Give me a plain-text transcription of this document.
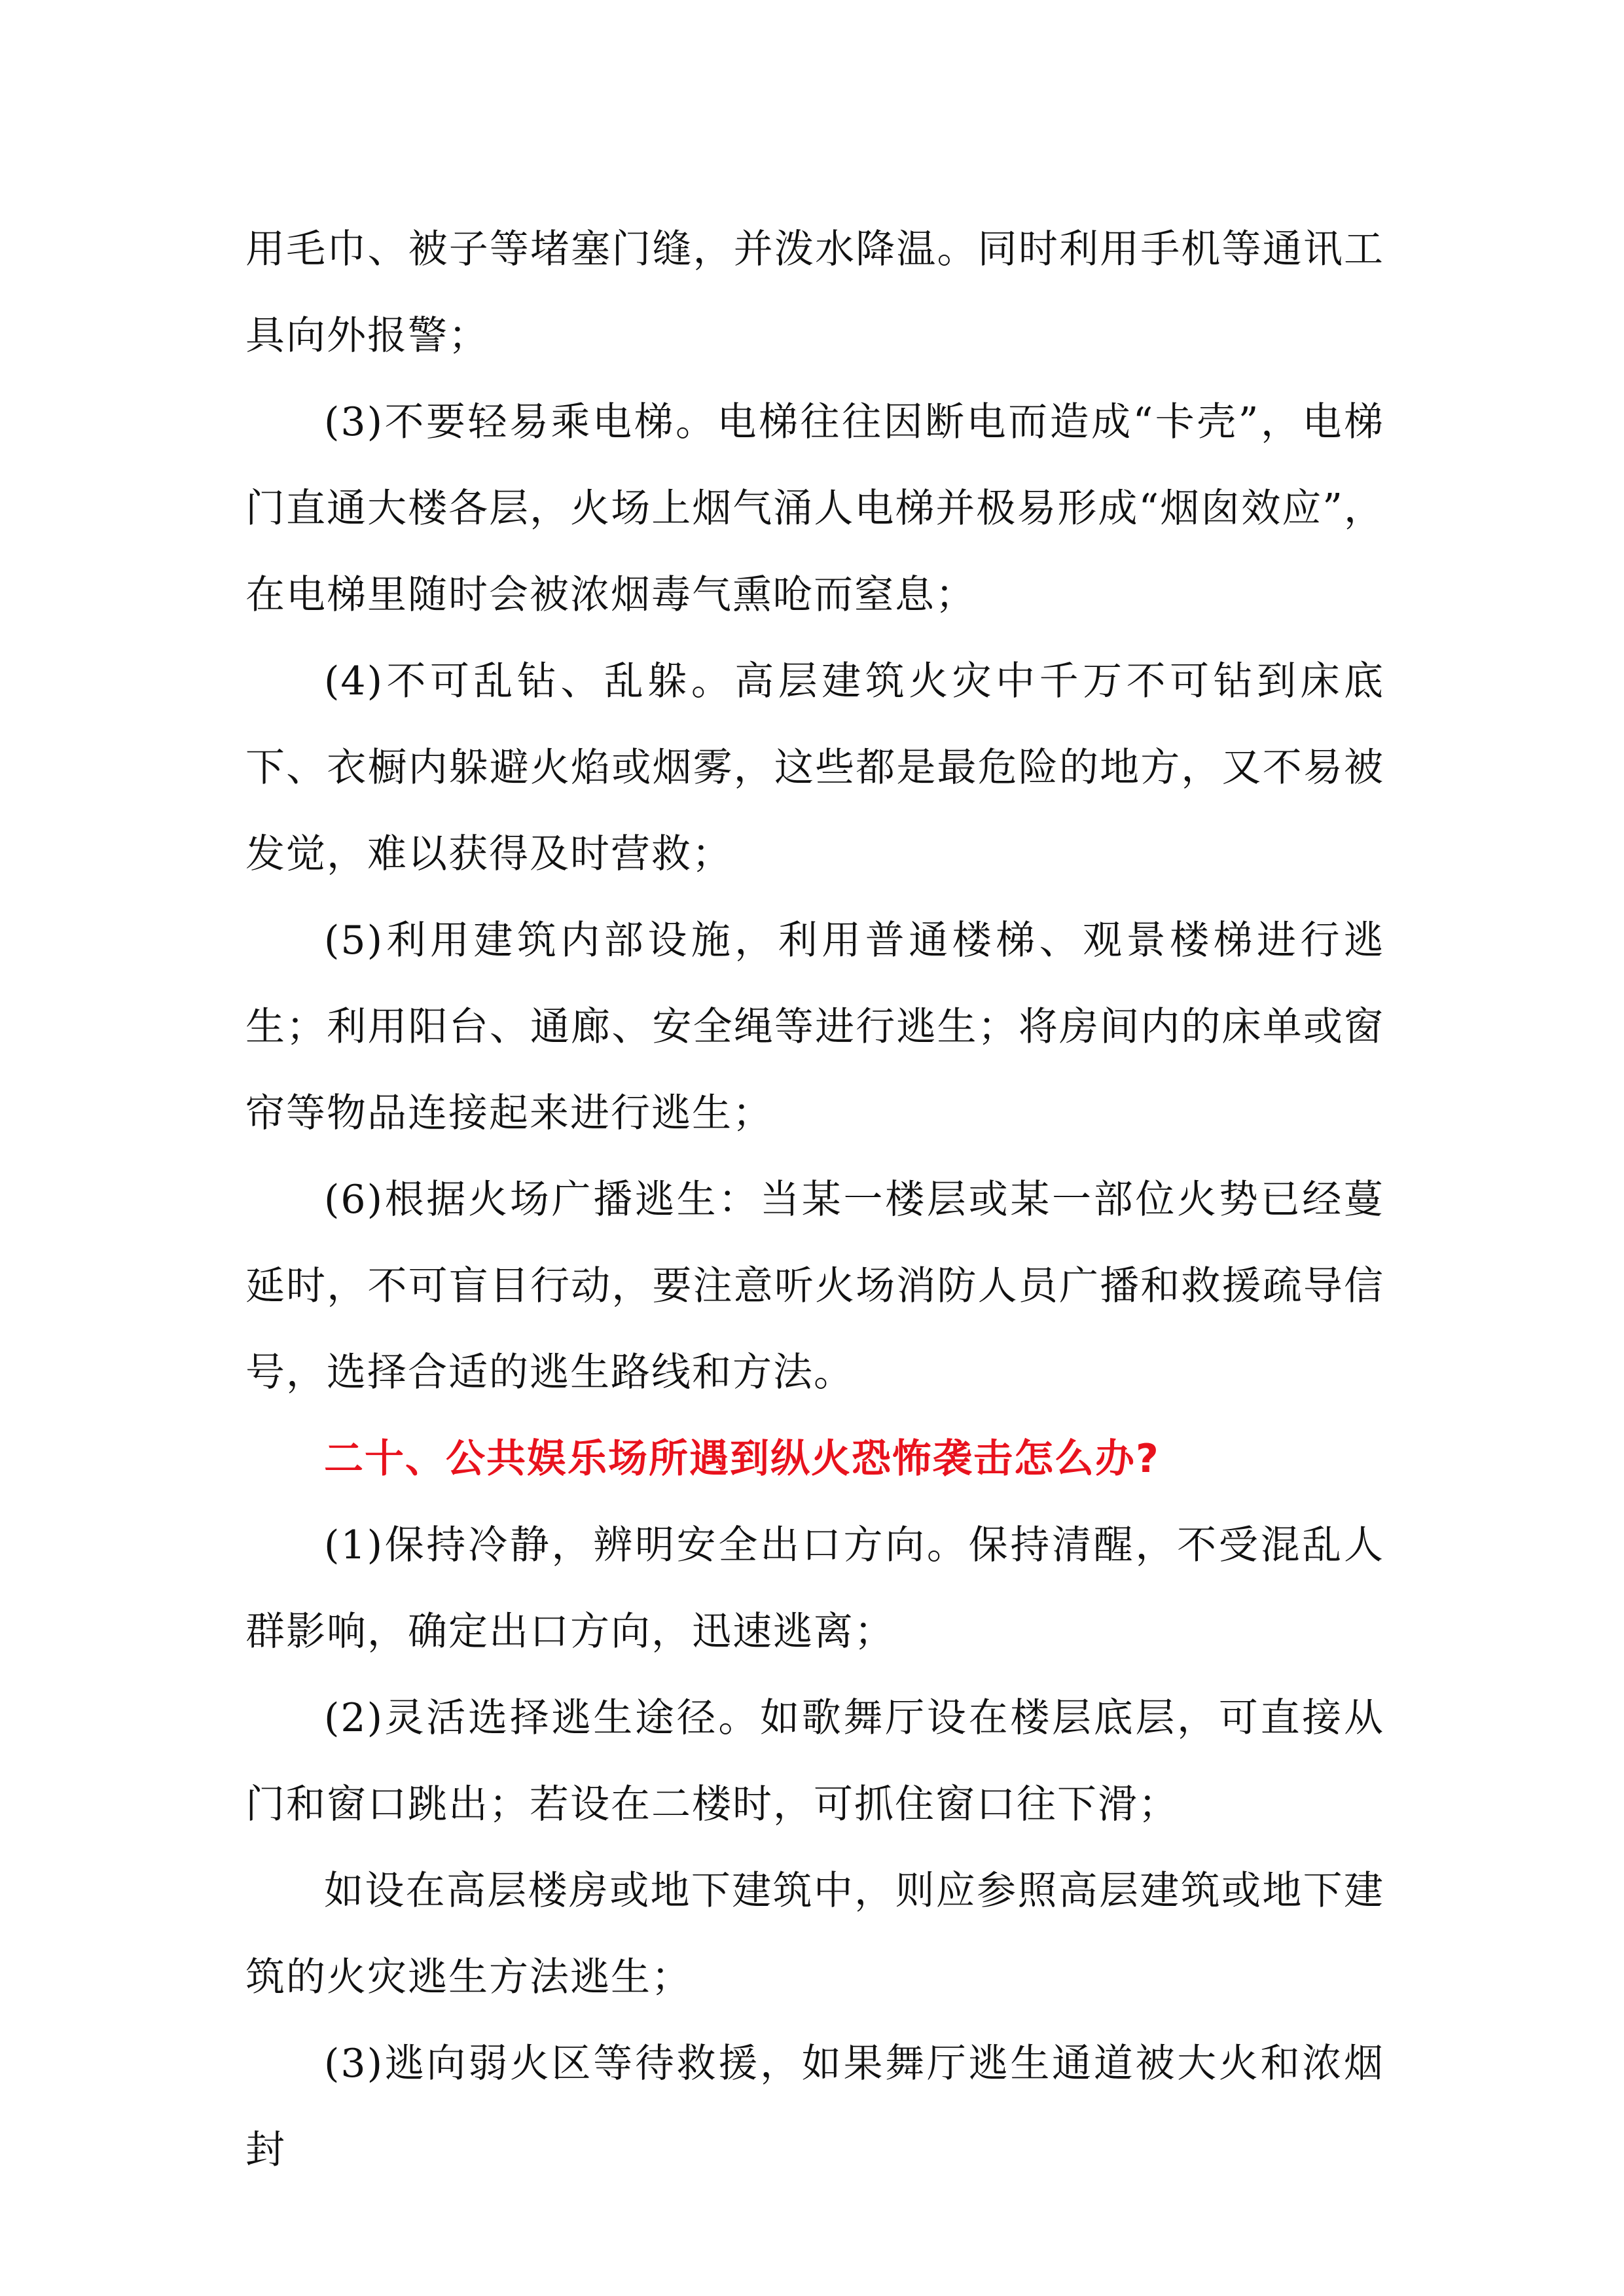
用毛巾、被子等堵塞门缝，并泼水降温。同时利用手机等通讯工具向外报警；

(3)不要轻易乘电梯。电梯往往因断电而造成“卡壳”，电梯门直通大楼各层，火场上烟气涌人电梯并极易形成“烟囱效应”，在电梯里随时会被浓烟毒气熏呛而窒息；

(4)不可乱钻、乱躲。高层建筑火灾中千万不可钻到床底下、衣橱内躲避火焰或烟雾，这些都是最危险的地方，又不易被发觉，难以获得及时营救；

(5)利用建筑内部设施，利用普通楼梯、观景楼梯进行逃生；利用阳台、通廊、安全绳等进行逃生；将房间内的床单或窗帘等物品连接起来进行逃生；

(6)根据火场广播逃生：当某一楼层或某一部位火势已经蔓延时，不可盲目行动，要注意听火场消防人员广播和救援疏导信号，选择合适的逃生路线和方法。

二十、公共娱乐场所遇到纵火恐怖袭击怎么办?

(1)保持冷静，辨明安全出口方向。保持清醒，不受混乱人群影响，确定出口方向，迅速逃离；

(2)灵活选择逃生途径。如歌舞厅设在楼层底层，可直接从门和窗口跳出；若设在二楼时，可抓住窗口往下滑；

如设在高层楼房或地下建筑中，则应参照高层建筑或地下建筑的火灾逃生方法逃生；

(3)逃向弱火区等待救援，如果舞厅逃生通道被大火和浓烟封
